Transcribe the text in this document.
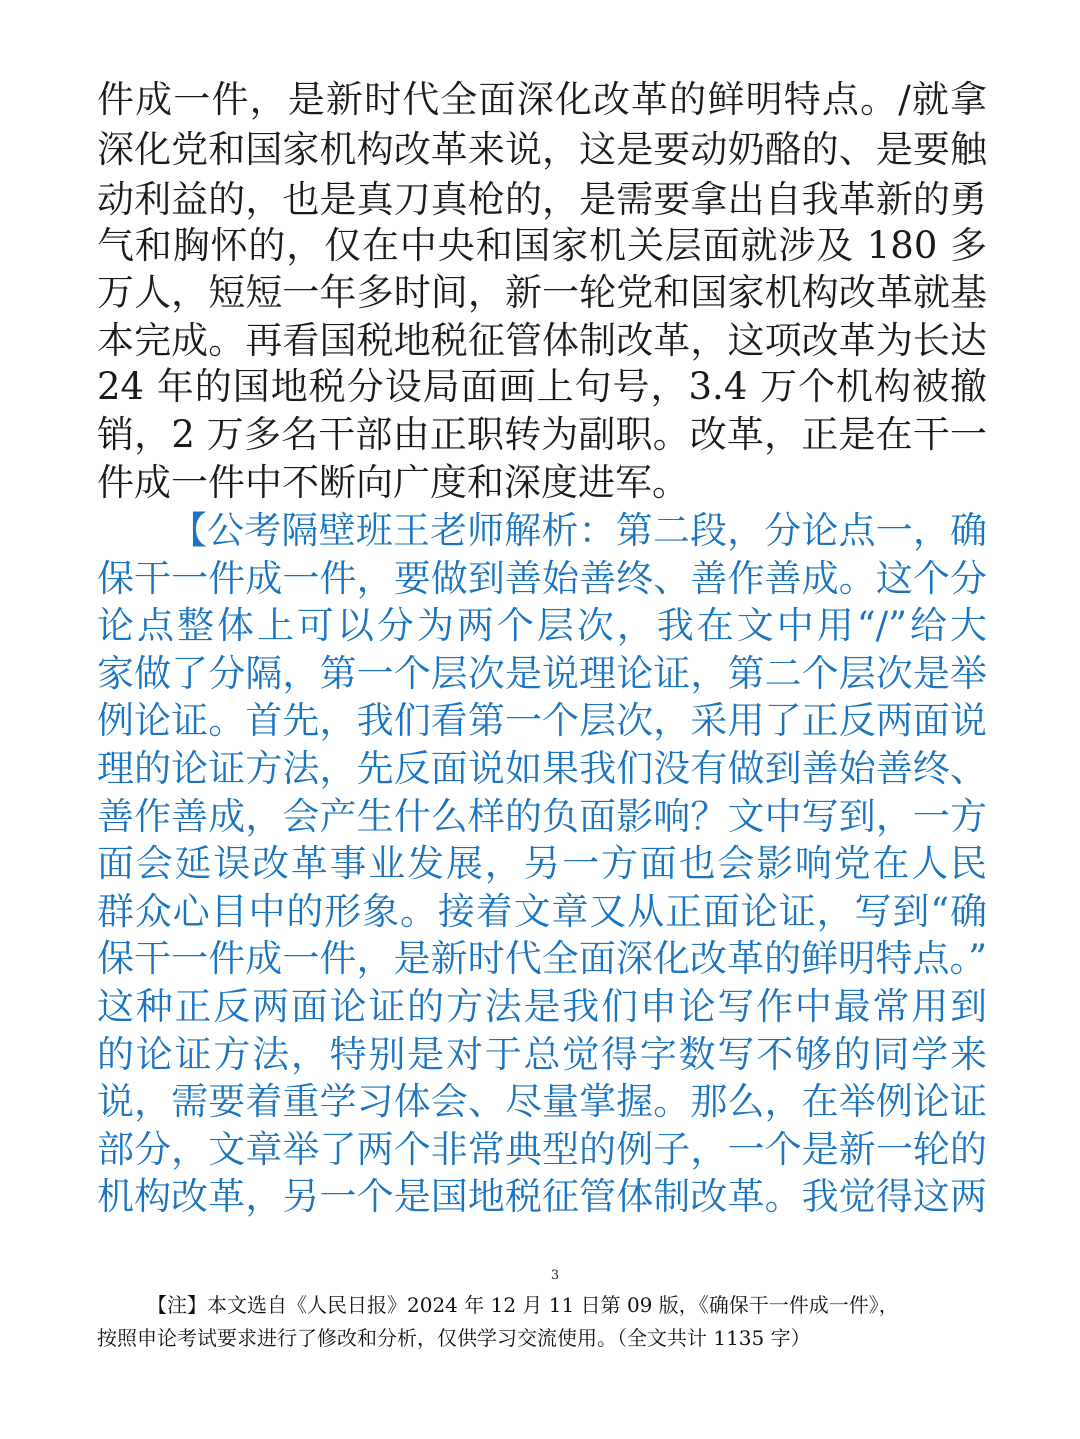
件成一件，是新时代全面深化改革的鲜明特点。/就拿
深化党和国家机构改革来说，这是要动奶酪的、是要触
动利益的，也是真刀真枪的，是需要拿出自我革新的勇
气和胸怀的，仅在中央和国家机关层面就涉及 180 多
万人，短短一年多时间，新一轮党和国家机构改革就基
本完成。再看国税地税征管体制改革，这项改革为长达
24 年的国地税分设局面画上句号，3.4 万个机构被撤
销，2 万多名干部由正职转为副职。改革，正是在干一
件成一件中不断向广度和深度进军。
【公考隔壁班王老师解析：第二段，分论点一，确
保干一件成一件，要做到善始善终、善作善成。这个分
论点整体上可以分为两个层次，我在文中用“/”给大
家做了分隔，第一个层次是说理论证，第二个层次是举
例论证。首先，我们看第一个层次，采用了正反两面说
理的论证方法，先反面说如果我们没有做到善始善终、
善作善成，会产生什么样的负面影响？文中写到，一方
面会延误改革事业发展，另一方面也会影响党在人民
群众心目中的形象。接着文章又从正面论证，写到“确
保干一件成一件，是新时代全面深化改革的鲜明特点。”
这种正反两面论证的方法是我们申论写作中最常用到
的论证方法，特别是对于总觉得字数写不够的同学来
说，需要着重学习体会、尽量掌握。那么，在举例论证
部分，文章举了两个非常典型的例子，一个是新一轮的
机构改革，另一个是国地税征管体制改革。我觉得这两
3
【注】本文选自《人民日报》2024 年 12 月 11 日第 09 版，《确保干一件成一件》，
按照申论考试要求进行了修改和分析，仅供学习交流使用。（全文共计 1135 字）
